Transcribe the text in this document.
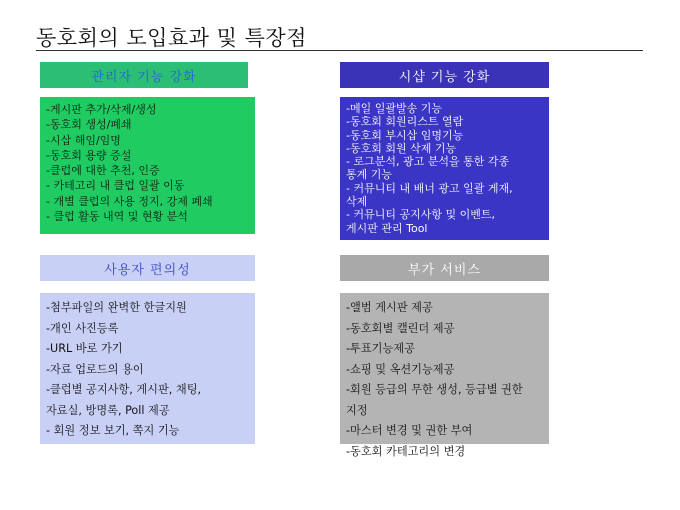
동호회의 도입효과 및 특장점
관리자 기능 강화
-게시판 추가/삭제/생성
-동호회 생성/폐쇄
-시삽 해임/임명
-동호회 용량 증설
-클럽에 대한 추천, 인증
- 카테고리 내 클럽 일괄 이동
- 개별 클럽의 사용 정지, 강제 폐쇄
- 클럽 활동 내역 및 현황 분석
시샵 기능 강화
-메일 일괄발송 기능
-동호회 회원리스트 열람
-동호회 부시삽 임명기능
-동호회 회원 삭제 기능
- 로그분석, 광고 분석을 통한 각종
통계 기능
- 커뮤니티 내 배너 광고 일괄 게재,
삭제
- 커뮤니티 공지사항 및 이벤트,
게시판 관리 Tool
사용자 편의성
-첨부파일의 완벽한 한글지원
-개인 사진등록
-URL 바로 가기
-자료 업로드의 용이
-클럽별 공지사항, 게시판, 채팅,
자료실, 방명록, Poll 제공
- 회원 정보 보기, 쪽지 기능
부가 서비스
-앨범 게시판 제공
-동호회별 캘린더 제공
-투표기능제공
-쇼핑 및 옥션기능제공
-회원 등급의 무한 생성, 등급별 권한
지정
-마스터 변경 및 권한 부여
-동호회 카테고리의 변경
